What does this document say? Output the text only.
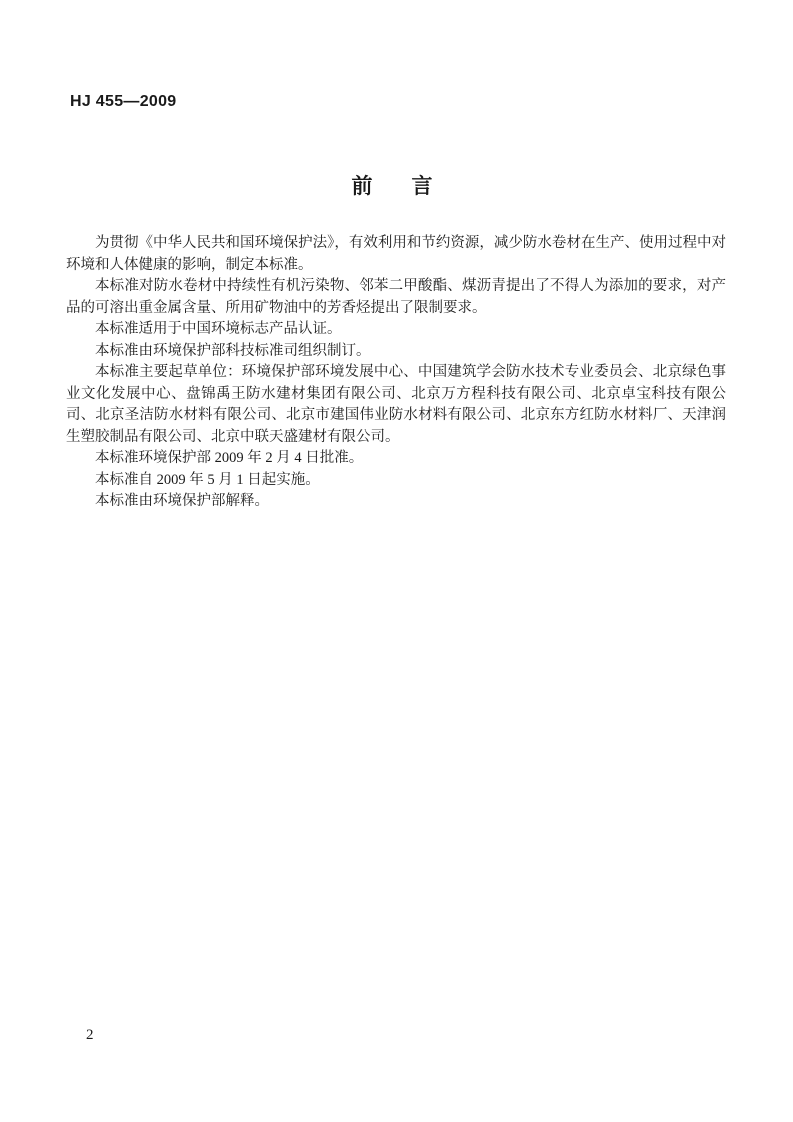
HJ 455—2009
前　言

为贯彻《中华人民共和国环境保护法》，有效利用和节约资源，减少防水卷材在生产、使用过程中对环境和人体健康的影响，制定本标准。

本标准对防水卷材中持续性有机污染物、邻苯二甲酸酯、煤沥青提出了不得人为添加的要求，对产品的可溶出重金属含量、所用矿物油中的芳香烃提出了限制要求。

本标准适用于中国环境标志产品认证。

本标准由环境保护部科技标准司组织制订。

本标准主要起草单位：环境保护部环境发展中心、中国建筑学会防水技术专业委员会、北京绿色事业文化发展中心、盘锦禹王防水建材集团有限公司、北京万方程科技有限公司、北京卓宝科技有限公司、北京圣洁防水材料有限公司、北京市建国伟业防水材料有限公司、北京东方红防水材料厂、天津润生塑胶制品有限公司、北京中联天盛建材有限公司。

本标准环境保护部 2009 年 2 月 4 日批准。

本标准自 2009 年 5 月 1 日起实施。

本标准由环境保护部解释。

2
